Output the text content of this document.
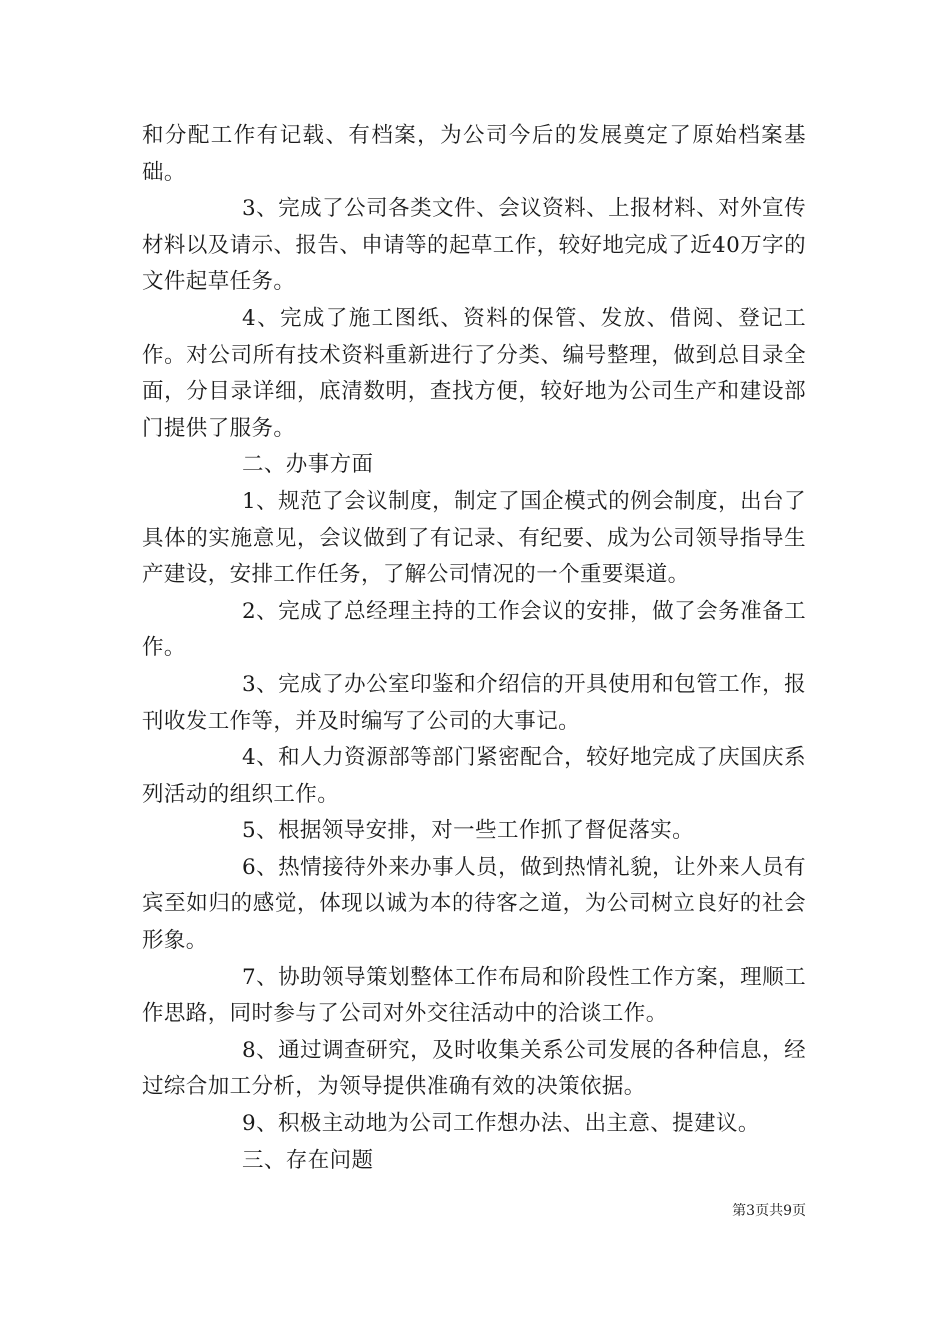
和分配工作有记载、有档案，为公司今后的发展奠定了原始档案基础。

3、完成了公司各类文件、会议资料、上报材料、对外宣传材料以及请示、报告、申请等的起草工作，较好地完成了近40万字的文件起草任务。

4、完成了施工图纸、资料的保管、发放、借阅、登记工作。对公司所有技术资料重新进行了分类、编号整理，做到总目录全面，分目录详细，底清数明，查找方便，较好地为公司生产和建设部门提供了服务。

二、办事方面

1、规范了会议制度，制定了国企模式的例会制度，出台了具体的实施意见，会议做到了有记录、有纪要、成为公司领导指导生产建设，安排工作任务，了解公司情况的一个重要渠道。

2、完成了总经理主持的工作会议的安排，做了会务准备工作。

3、完成了办公室印鉴和介绍信的开具使用和包管工作，报刊收发工作等，并及时编写了公司的大事记。

4、和人力资源部等部门紧密配合，较好地完成了庆国庆系列活动的组织工作。

5、根据领导安排，对一些工作抓了督促落实。

6、热情接待外来办事人员，做到热情礼貌，让外来人员有宾至如归的感觉，体现以诚为本的待客之道，为公司树立良好的社会形象。

7、协助领导策划整体工作布局和阶段性工作方案，理顺工作思路，同时参与了公司对外交往活动中的洽谈工作。

8、通过调查研究，及时收集关系公司发展的各种信息，经过综合加工分析，为领导提供准确有效的决策依据。

9、积极主动地为公司工作想办法、出主意、提建议。

三、存在问题

第3页共9页
